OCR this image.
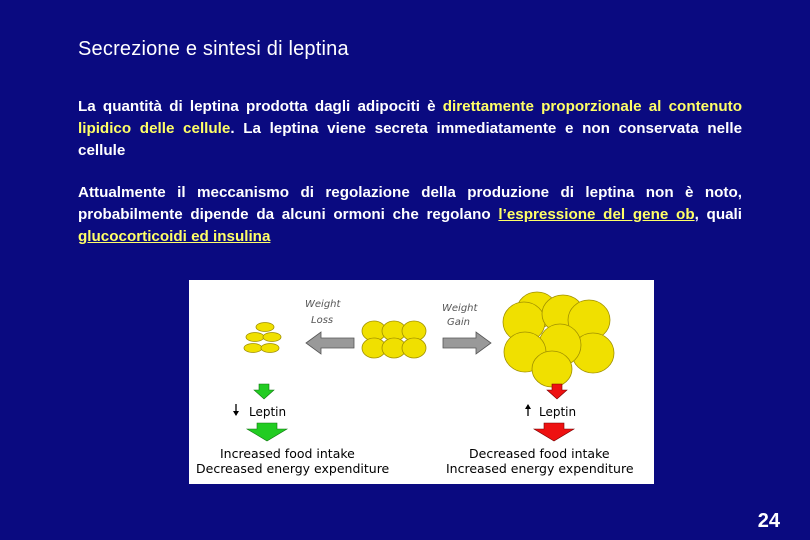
Secrezione e sintesi di leptina
La quantità di leptina prodotta dagli adipociti è direttamente proporzionale al contenuto lipidico delle cellule. La leptina viene secreta immediatamente e non conservata nelle cellule
Attualmente il meccanismo di regolazione della produzione di leptina non è noto, probabilmente dipende da alcuni ormoni che regolano l’espressione del gene ob, quali glucocorticoidi ed insulina
Weight
Loss
Weight
Gain
Leptin
Increased food intake
Decreased energy expenditure
Leptin
Decreased food intake
Increased energy expenditure
24
